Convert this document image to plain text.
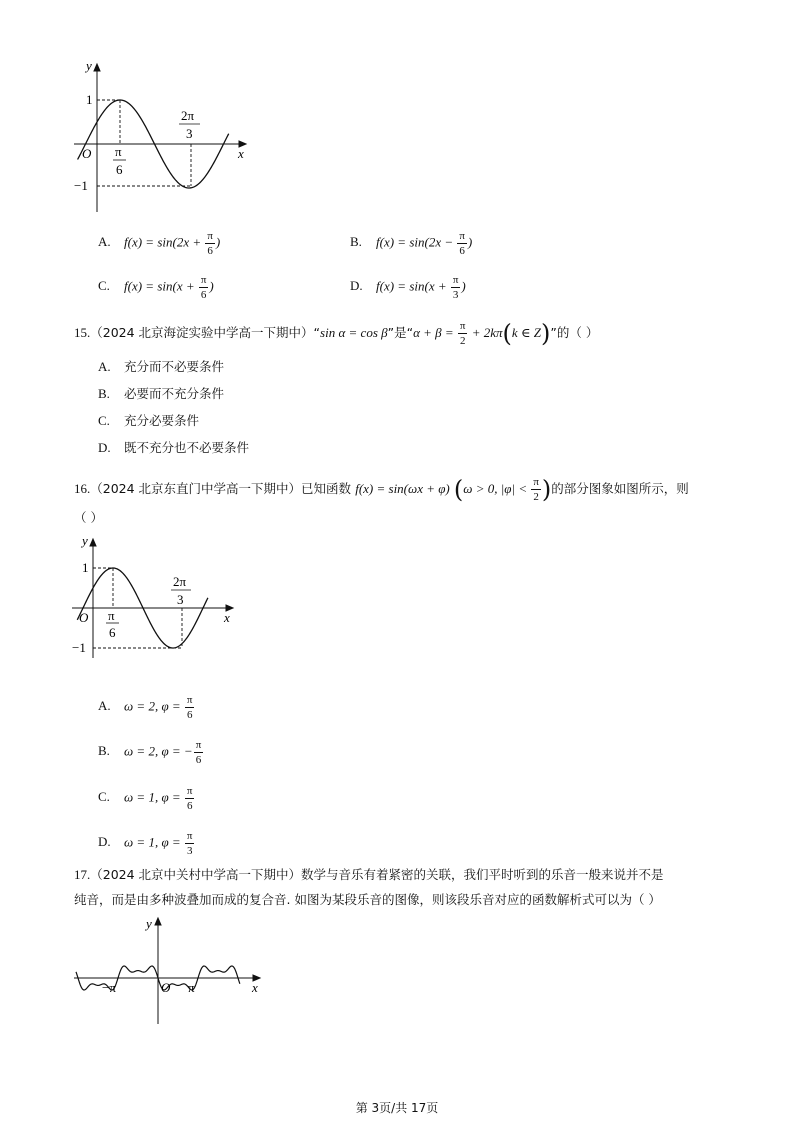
y
x
O
1
−1
π
6
2π
3
A. $f(x) = \sin(2x + \frac{\pi}{6}$ )	B. $f(x) = \sin(2x - \frac{\pi}{6}$ )
C. $f(x) = \sin(x + \frac{\pi}{6}$ )	D. $f(x) = \sin(x + \frac{\pi}{3}$ )
15.（2024 北京海淀实验中学高一下期中）“sin α = cos β”是“$\alpha + \beta = \frac{\pi}{2} + 2k\pi(k$ ∈ Z)”的（ ）
A. 充分而不必要条件
B. 必要而不充分条件
C. 充分必要条件
D. 既不充分也不必要条件
16.（2024 北京东直门中学高一下期中）已知函数 f(x) = sin(ωx + φ) (ω > 0, $|\varphi| < \frac{\pi}{2}$ )的部分图象如图所示，则
（ ）
y
x
O
1
−1
π
6
2π
3
A. ω = 2, $\varphi = \frac{\pi}{6}$
B. ω = 2, φ = − $\frac{\pi}{6}$
C. ω = 1, $\varphi = \frac{\pi}{6}$
D. ω = 1, $\varphi = \frac{\pi}{3}$
17.（2024 北京中关村中学高一下期中）数学与音乐有着紧密的关联，我们平时听到的乐音一般来说并不是
纯音，而是由多种波叠加而成的复合音. 如图为某段乐音的图像，则该段乐音对应的函数解析式可以为（ ）
y
x
O
−π	π
第 3页/共 17页
